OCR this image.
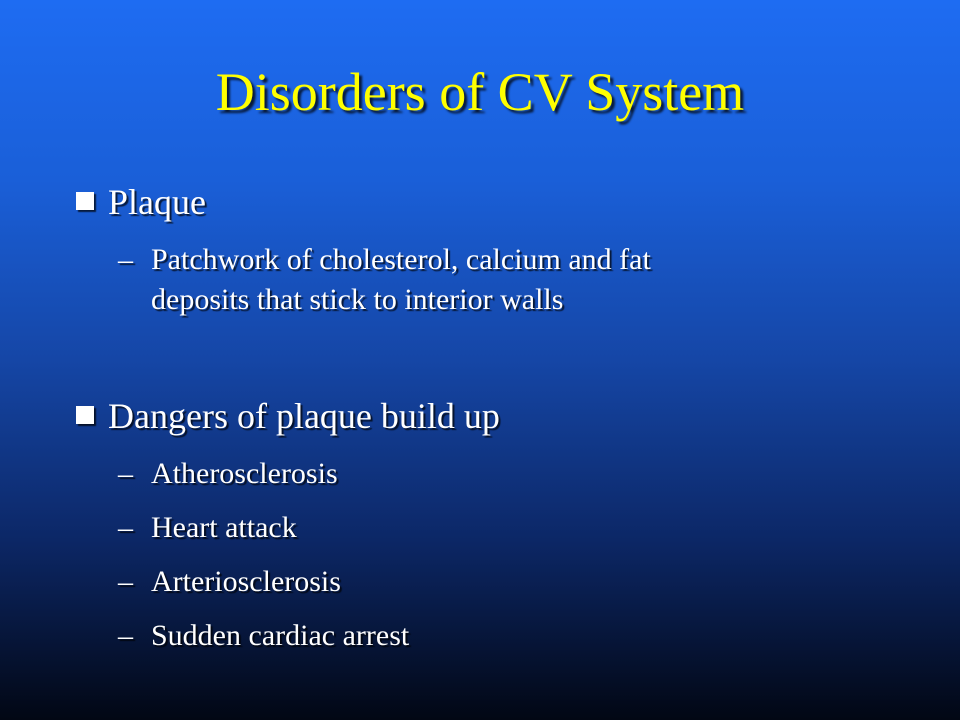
Disorders of CV System
Plaque
– Patchwork of cholesterol, calcium and fat
deposits that stick to interior walls
Dangers of plaque build up
– Atherosclerosis
– Heart attack
– Arteriosclerosis
– Sudden cardiac arrest
